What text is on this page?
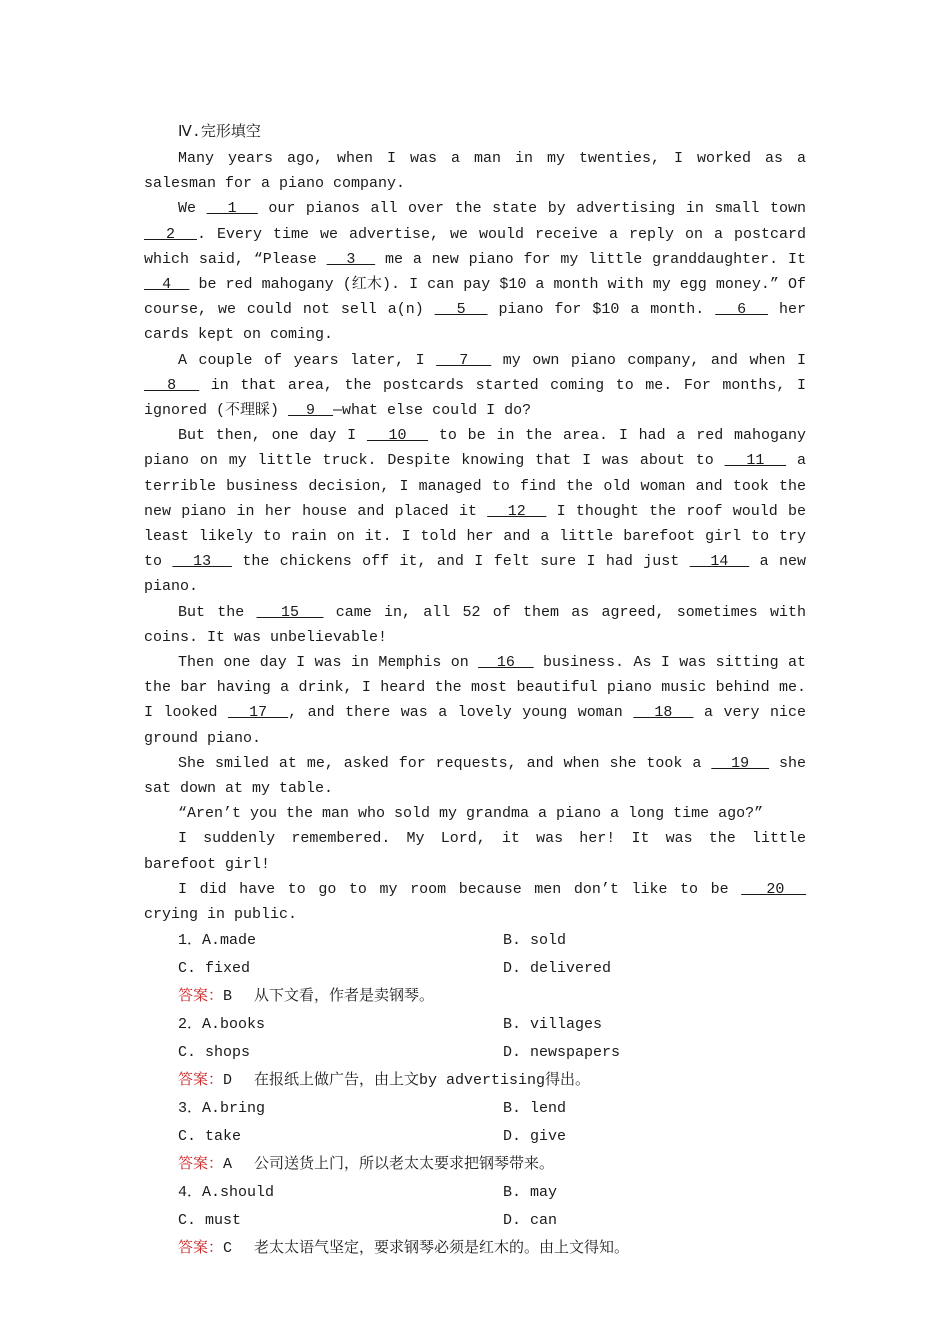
Ⅳ.完形填空

Many years ago, when I was a man in my twenties, I worked as a salesman for a piano company.

We   1   our pianos all over the state by advertising in small town   2  . Every time we advertise, we would receive a reply on a postcard which said, “Please   3   me a new piano for my little granddaughter. It   4   be red mahogany (红木). I can pay $10 a month with my egg money.” Of course, we could not sell a(n)   5   piano for $10 a month.   6   her cards kept on coming.

A couple of years later, I   7   my own piano company, and when I   8   in that area, the postcards started coming to me. For months, I ignored (不理睬)   9  —what else could I do?

But then, one day I   10   to be in the area. I had a red mahogany piano on my little truck. Despite knowing that I was about to   11   a terrible business decision, I managed to find the old woman and took the new piano in her house and placed it   12   I thought the roof would be least likely to rain on it. I told her and a little barefoot girl to try to   13   the chickens off it, and I felt sure I had just   14   a new piano.

But the   15   came in, all 52 of them as agreed, sometimes with coins. It was unbelievable!

Then one day I was in Memphis on   16   business. As I was sitting at the bar having a drink, I heard the most beautiful piano music behind me. I looked   17  , and there was a lovely young woman   18   a very nice ground piano.

She smiled at me, asked for requests, and when she took a   19   she sat down at my table.

“Aren’t you the man who sold my grandma a piano a long time ago?”

I suddenly remembered. My Lord, it was her! It was the little barefoot girl!

I did have to go to my room because men don’t like to be   20   crying in public.

1．A.made	B. sold
C. fixed	D. delivered
答案：B 从下文看，作者是卖钢琴。
2．A.books	B. villages
C. shops	D. newspapers
答案：D 在报纸上做广告，由上文by advertising得出。
3．A.bring	B. lend
C. take	D. give
答案：A 公司送货上门，所以老太太要求把钢琴带来。
4．A.should	B. may
C. must	D. can
答案：C 老太太语气坚定，要求钢琴必须是红木的。由上文得知。
